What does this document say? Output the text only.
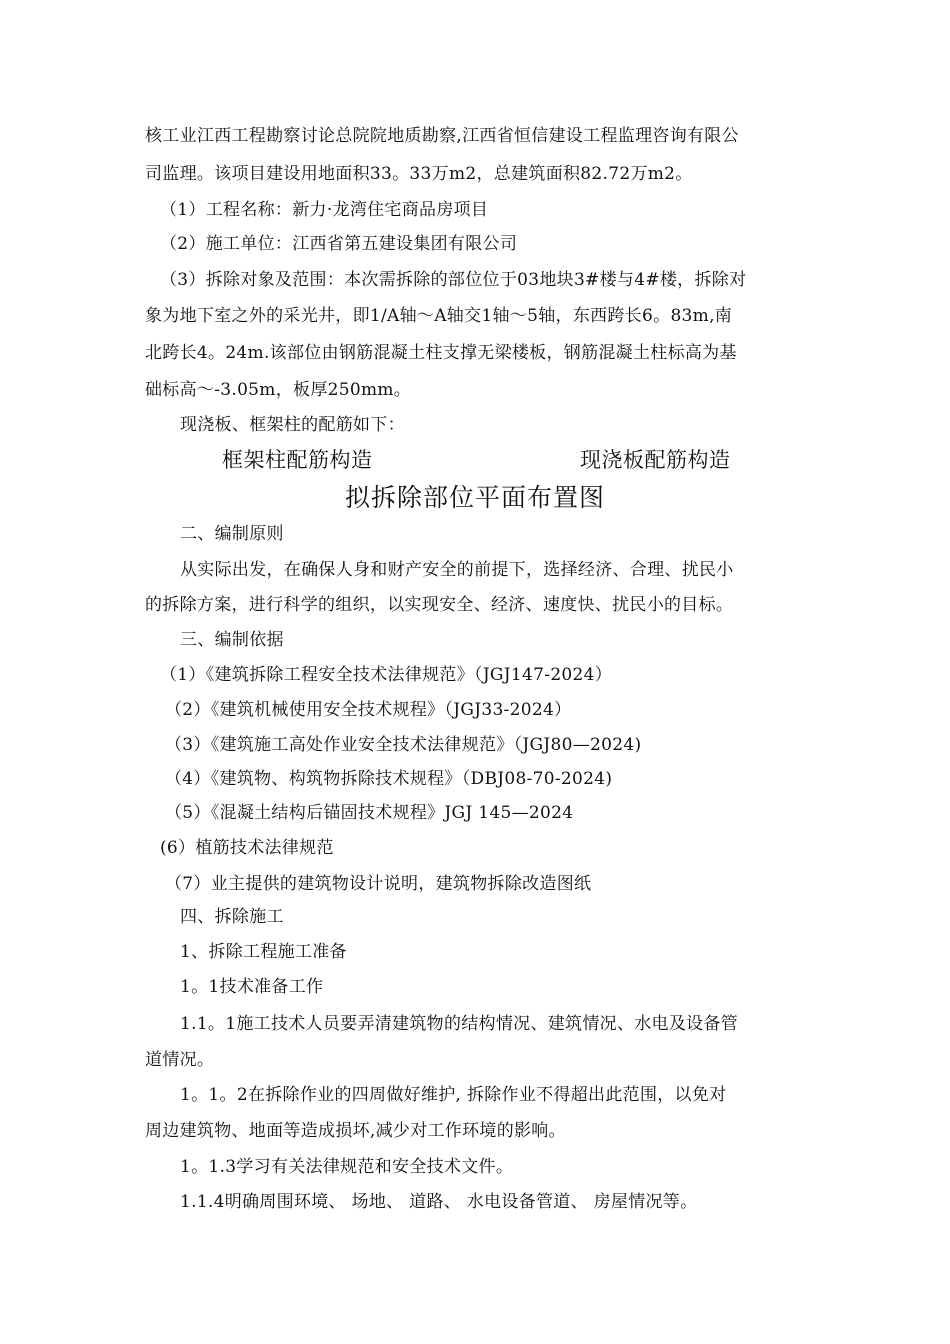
核工业江西工程勘察讨论总院院地质勘察,江西省恒信建设工程监理咨询有限公
司监理。该项目建设用地面积33。33万m2，总建筑面积82.72万m2。
（1）工程名称：新力·龙湾住宅商品房项目
（2）施工单位：江西省第五建设集团有限公司
（3）拆除对象及范围：本次需拆除的部位位于03地块3#楼与4#楼，拆除对
象为地下室之外的采光井，即1/A轴～A轴交1轴～5轴，东西跨长6。83m,南
北跨长4。24m.该部位由钢筋混凝土柱支撑无梁楼板，钢筋混凝土柱标高为基
础标高～-3.05m，板厚250mm。
现浇板、框架柱的配筋如下：
框架柱配筋构造	现浇板配筋构造
拟拆除部位平面布置图
二、编制原则
从实际出发，在确保人身和财产安全的前提下，选择经济、合理、扰民小
的拆除方案，进行科学的组织，以实现安全、经济、速度快、扰民小的目标。
三、编制依据
（1）《建筑拆除工程安全技术法律规范》（JGJ147-2024）
（2）《建筑机械使用安全技术规程》（JGJ33-2024）
（3）《建筑施工高处作业安全技术法律规范》（JGJ80—2024)
（4）《建筑物、构筑物拆除技术规程》（DBJ08-70-2024)
（5）《混凝土结构后锚固技术规程》JGJ 145—2024
(6）植筋技术法律规范
（7）业主提供的建筑物设计说明，建筑物拆除改造图纸
四、拆除施工
1、拆除工程施工准备
1。1技术准备工作
1.1。1施工技术人员要弄清建筑物的结构情况、建筑情况、水电及设备管
道情况。
1。1。2在拆除作业的四周做好维护, 拆除作业不得超出此范围，以免对
周边建筑物、地面等造成损坏,减少对工作环境的影响。
1。1.3学习有关法律规范和安全技术文件。
1.1.4明确周围环境、 场地、 道路、 水电设备管道、 房屋情况等。
